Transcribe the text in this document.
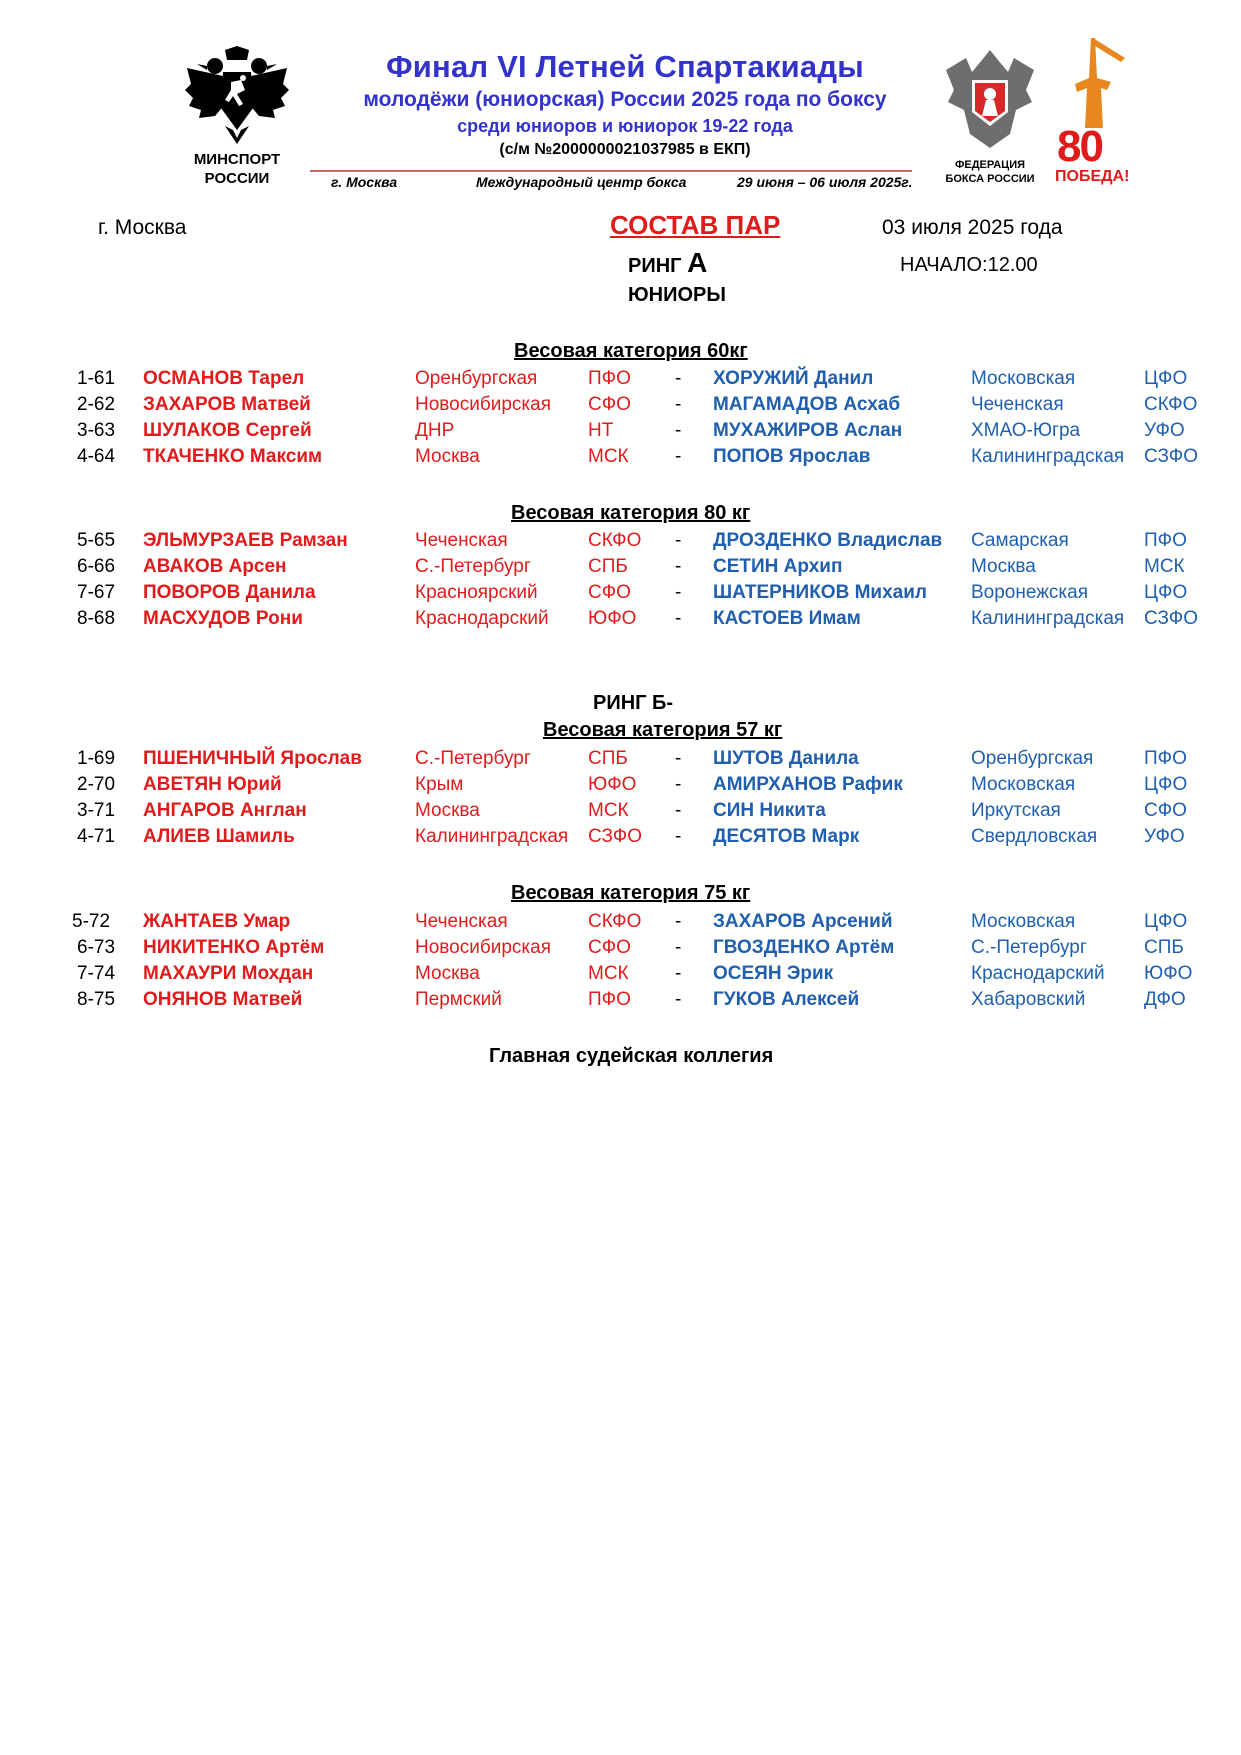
МИНСПОРТ
РОССИИ
Финал VI Летней Спартакиады
молодёжи (юниорская) России 2025 года по боксу
среди юниоров и юниорок 19-22 года
(с/м №2000000021037985 в ЕКП)
г. Москва	Международный центр бокса	29 июня – 06 июля 2025г.
ФЕДЕРАЦИЯ
БОКСА РОССИИ
80
ПОБЕДА!
г. Москва	СОСТАВ ПАР	03 июля 2025 года
РИНГ А	НАЧАЛО:12.00
ЮНИОРЫ
Весовая категория 60кг
1-61 ОСМАНОВ Тарел	Оренбургская	ПФО - ХОРУЖИЙ Данил	Московская	ЦФО
2-62 ЗАХАРОВ Матвей	Новосибирская СФО - МАГАМАДОВ Асхаб	Чеченская	СКФО
3-63 ШУЛАКОВ Сергей	ДНР	НТ	- МУХАЖИРОВ Аслан	ХМАО-Югра	УФО
4-64 ТКАЧЕНКО Максим	Москва	МСК - ПОПОВ Ярослав	Калининградская СЗФО
Весовая категория 80 кг
5-65 ЭЛЬМУРЗАЕВ Рамзан	Чеченская	СКФО - ДРОЗДЕНКО Владислав Самарская	ПФО
6-66 АВАКОВ Арсен	С.-Петербург	СПБ - СЕТИН Архип	Москва	МСК
7-67 ПОВОРОВ Данила	Красноярский	СФО - ШАТЕРНИКОВ Михаил Воронежская	ЦФО
8-68 МАСХУДОВ Рони	Краснодарский ЮФО - КАСТОЕВ Имам	Калининградская СЗФО
РИНГ Б-
Весовая категория 57 кг
1-69 ПШЕНИЧНЫЙ Ярослав	С.-Петербург	СПБ - ШУТОВ Данила	Оренбургская	ПФО
2-70 АВЕТЯН Юрий	Крым	ЮФО - АМИРХАНОВ Рафик	Московская	ЦФО
3-71 АНГАРОВ Англан	Москва	МСК - СИН Никита	Иркутская	СФО
4-71 АЛИЕВ Шамиль	Калининградская СЗФО - ДЕСЯТОВ Марк	Свердловская УФО
Весовая категория 75 кг
5-72 ЖАНТАЕВ Умар	Чеченская	СКФО - ЗАХАРОВ Арсений	Московская	ЦФО
6-73 НИКИТЕНКО Артём	Новосибирская СФО - ГВОЗДЕНКО Артём	С.-Петербург	СПБ
7-74 МАХАУРИ Мохдан	Москва	МСК - ОСЕЯН Эрик	Краснодарский ЮФО
8-75 ОНЯНОВ Матвей	Пермский	ПФО - ГУКОВ Алексей	Хабаровский	ДФО
Главная судейская коллегия
